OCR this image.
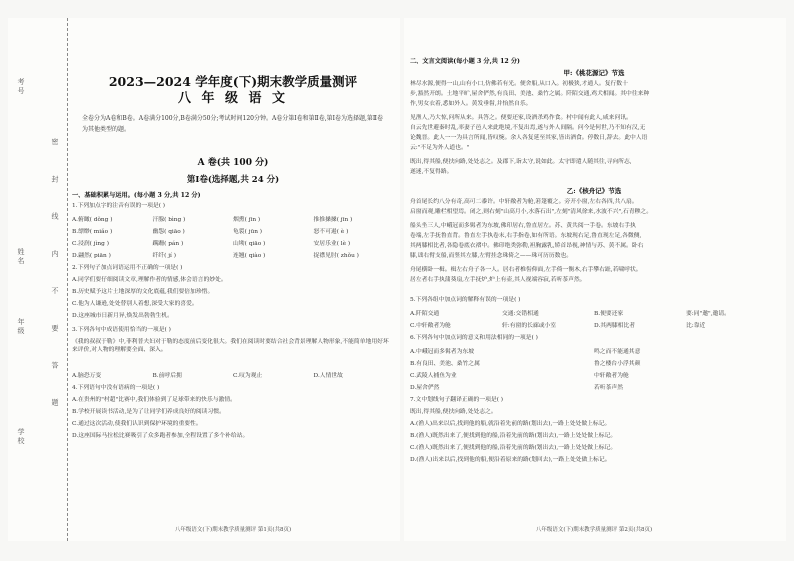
考号
姓名
年级
学校
密 封 线 内 不 要 答 题
2023—2024 学年度(下)期末教学质量测评
八 年 级 语 文
全卷分为A卷和B卷。A卷满分100分,B卷满分50分;考试时间120分钟。A卷分第Ⅰ卷和第Ⅱ卷,第Ⅰ卷为选择题,第Ⅱ卷为其他类型的题。
A 卷(共 100 分)
第Ⅰ卷(选择题,共 24 分)
一、基础积累与运用。(每小题 3 分,共 12 分)
1.下列加点字的注音有误的一项是( )
A.俯瞰( dǒng )	汗腺( bìng )	烟熏( jīn )	推推搡搡( jīn )
B.缥缈( miǎo )	幽怨( qiāo )	龟裂( jūn )	怒不可遏( è )
C.浸润( jìng )	蹒跚( pán )	山坳( qiāo )	安居乐业( lè )
D.翩然( piān )	纤纤( jí )	连翘( qiào )	捉襟见肘( zhǒu )
2.下列句子加点词语运用不正确的一项是( )
A.同学们要仔细阅读文章,理解作者的情感,体会语言的妙处。
B.历史赋予这片土地深厚的文化底蕴,我们要倍加珍惜。
C.他为人谦逊,处处替别人着想,深受大家的喜爱。
D.这座城市日新月异,焕发出勃勃生机。
3.下列各句中成语使用恰当的一项是( )
《我的叔叔于勒》中,菲利普夫妇对于勒的态度前后变化很大。我们在阅读时要结合社会背景理解人物形象,不能简单地用好坏来评价,对人物的理解要全面、深入。
A.脑恐万变	B.前呼后拥	C.叹为观止	D.人情世故
4.下列语句中没有语病的一项是( )
A.在贵州的"村超"比赛中,我们体验到了足球带来的快乐与激情。
B.学校开展读书活动,是为了让同学们养成良好的阅读习惯。
C.通过这次活动,使我们认识到保护环境的重要性。
D.这座国际马拉松比赛吸引了众多跑者参加,全程设置了多个补给站。
八年级语文(下)期末教学质量测评 第1页(共8页)
二、文言文阅读(每小题 3 分,共 12 分)
甲:《桃花源记》节选
林尽水源,便得一山,山有小口,仿佛若有光。便舍船,从口入。初极狭,才通人。复行数十
步,豁然开朗。土地平旷,屋舍俨然,有良田、美池、桑竹之属。阡陌交通,鸡犬相闻。其中往来种
作,男女衣着,悉如外人。黄发垂髫,并怡然自乐。
见渔人,乃大惊,问所从来。具答之。便要还家,设酒杀鸡作食。村中闻有此人,咸来问讯。
自云先世避秦时乱,率妻子邑人来此绝境,不复出焉,遂与外人间隔。问今是何世,乃不知有汉,无
论魏晋。此人一一为具言所闻,皆叹惋。余人各复延至其家,皆出酒食。停数日,辞去。此中人语
云:"不足为外人道也。"
既出,得其船,便扶向路,处处志之。及郡下,诣太守,说如此。太守即遣人随其往,寻向所志,
遂迷,不复得路。
乙:《核舟记》节选
舟首尾长约八分有奇,高可二黍许。中轩敞者为舱,箬篷覆之。旁开小窗,左右各四,共八扇。
启窗而观,雕栏相望焉。闭之,则右刻"山高月小,水落石出",左刻"清风徐来,水波不兴",石青糁之。
船头坐三人,中峨冠而多髯者为东坡,佛印居右,鲁直居左。苏、黄共阅一手卷。东坡右手执
卷端,左手抚鲁直背。鲁直左手执卷末,右手指卷,如有所语。东坡现右足,鲁直现左足,各微侧,
其两膝相比者,各隐卷底衣褶中。佛印绝类弥勒,袒胸露乳,矫首昂视,神情与苏、黄不属。卧右
膝,诎右臂支船,而竖其左膝,左臂挂念珠倚之——珠可历历数也。
舟尾横卧一楫。楫左右舟子各一人。居右者椎髻仰面,左手倚一衡木,右手攀右趾,若啸呼状。
居左者右手执蒲葵扇,左手抚炉,炉上有壶,其人视端容寂,若听茶声然。
5.下列各组中加点词的解释有误的一项是( )
A.阡陌交通	交通:交错相通	B.便要还家	要:同"邀",邀请。
C.中轩敞者为舱	轩:有窗的长廊或小室	D.其两膝相比者	比:靠近
6.下列各句中加点词的意义和用法相同的一项是( )
A.中峨冠而多髯者为东坡	鸣之而不能通其意
B.有良田、美池、桑竹之属	鲁之楼台小浮其颜
C.武陵人捕鱼为业	中轩敞者为舱
D.屋舍俨然	若听茶声然
7.文中划线句子翻译正确的一项是( )
既出,得其船,便扶向路,处处志之。
A.(渔人)出来以后,找到他的船,就沿着先前的路(划出去),一路上处处做上标记。
B.(渔人)既然出来了,便找到他的船,沿着先前的路(划出去),一路上处处做上标记。
C.(渔人)既然出来了,便找到他的船,沿着先前的路(划出去),一路上处处做上标记。
D.(渔人)出来以后,找到他的船,便沿着原来的路(划回去),一路上处处做上标记。
八年级语文(下)期末教学质量测评 第2页(共8页)
